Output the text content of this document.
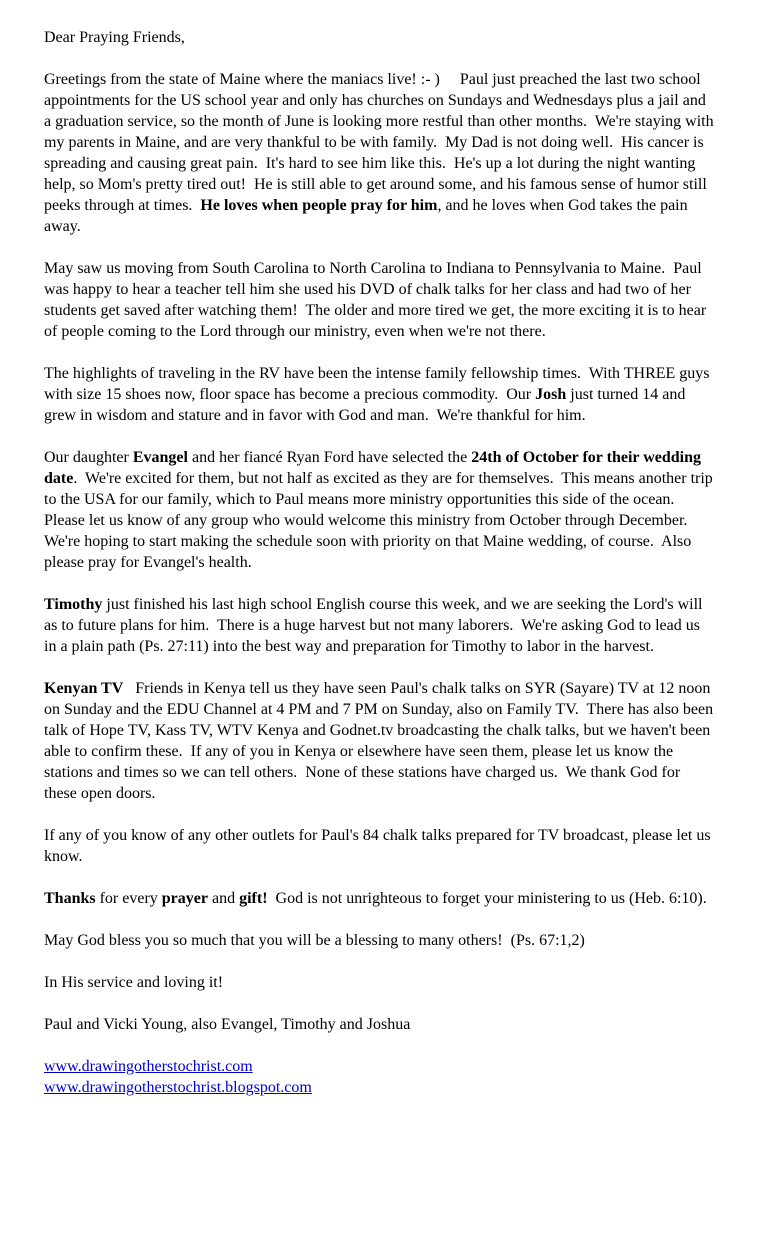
Dear Praying Friends,

Greetings from the state of Maine where the maniacs live! :- )     Paul just preached the last two school appointments for the US school year and only has churches on Sundays and Wednesdays plus a jail and a graduation service, so the month of June is looking more restful than other months.  We're staying with my parents in Maine, and are very thankful to be with family.  My Dad is not doing well.  His cancer is spreading and causing great pain.  It's hard to see him like this.  He's up a lot during the night wanting help, so Mom's pretty tired out!  He is still able to get around some, and his famous sense of humor still peeks through at times.  He loves when people pray for him, and he loves when God takes the pain away.

May saw us moving from South Carolina to North Carolina to Indiana to Pennsylvania to Maine.  Paul was happy to hear a teacher tell him she used his DVD of chalk talks for her class and had two of her students get saved after watching them!  The older and more tired we get, the more exciting it is to hear of people coming to the Lord through our ministry, even when we're not there.

The highlights of traveling in the RV have been the intense family fellowship times.  With THREE guys with size 15 shoes now, floor space has become a precious commodity.  Our Josh just turned 14 and grew in wisdom and stature and in favor with God and man.  We're thankful for him.

Our daughter Evangel and her fiancé Ryan Ford have selected the 24th of October for their wedding date.  We're excited for them, but not half as excited as they are for themselves.  This means another trip to the USA for our family, which to Paul means more ministry opportunities this side of the ocean.   Please let us know of any group who would welcome this ministry from October through December.  We're hoping to start making the schedule soon with priority on that Maine wedding, of course.  Also please pray for Evangel's health.

Timothy just finished his last high school English course this week, and we are seeking the Lord's will as to future plans for him.  There is a huge harvest but not many laborers.  We're asking God to lead us in a plain path (Ps. 27:11) into the best way and preparation for Timothy to labor in the harvest.

Kenyan TV   Friends in Kenya tell us they have seen Paul's chalk talks on SYR (Sayare) TV at 12 noon on Sunday and the EDU Channel at 4 PM and 7 PM on Sunday, also on Family TV.  There has also been talk of Hope TV, Kass TV, WTV Kenya and Godnet.tv broadcasting the chalk talks, but we haven't been able to confirm these.  If any of you in Kenya or elsewhere have seen them, please let us know the stations and times so we can tell others.  None of these stations have charged us.  We thank God for these open doors.

If any of you know of any other outlets for Paul's 84 chalk talks prepared for TV broadcast, please let us know.

Thanks for every prayer and gift!  God is not unrighteous to forget your ministering to us (Heb. 6:10).

May God bless you so much that you will be a blessing to many others!  (Ps. 67:1,2)

In His service and loving it!

Paul and Vicki Young, also Evangel, Timothy and Joshua

www.drawingotherstochrist.com
www.drawingotherstochrist.blogspot.com
